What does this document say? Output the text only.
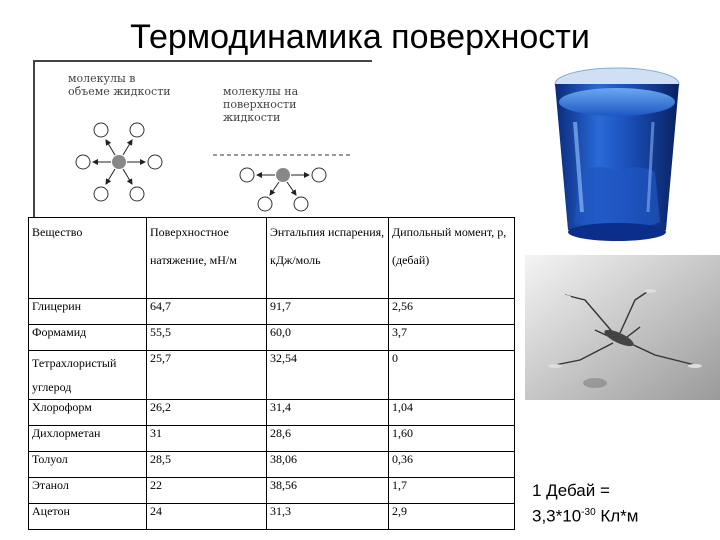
Термодинамика поверхности
молекулы в
объеме жидкости	молекулы на
поверхности
жидкости
Вещество	Поверхностное натяжение, мН/м	Энтальпия испарения, кДж/моль	Дипольный момент, p, (дебай)
Глицерин	64,7	91,7	2,56
Формамид	55,5	60,0	3,7
Тетрахлористый углерод	25,7	32,54	0
Хлороформ	26,2	31,4	1,04
Дихлорметан	31	28,6	1,60
Толуол	28,5	38,06	0,36
Этанол	22	38,56	1,7
Ацетон	24	31,3	2,9
1 Дебай =
$3,3*10^{-30}$ Кл*м
